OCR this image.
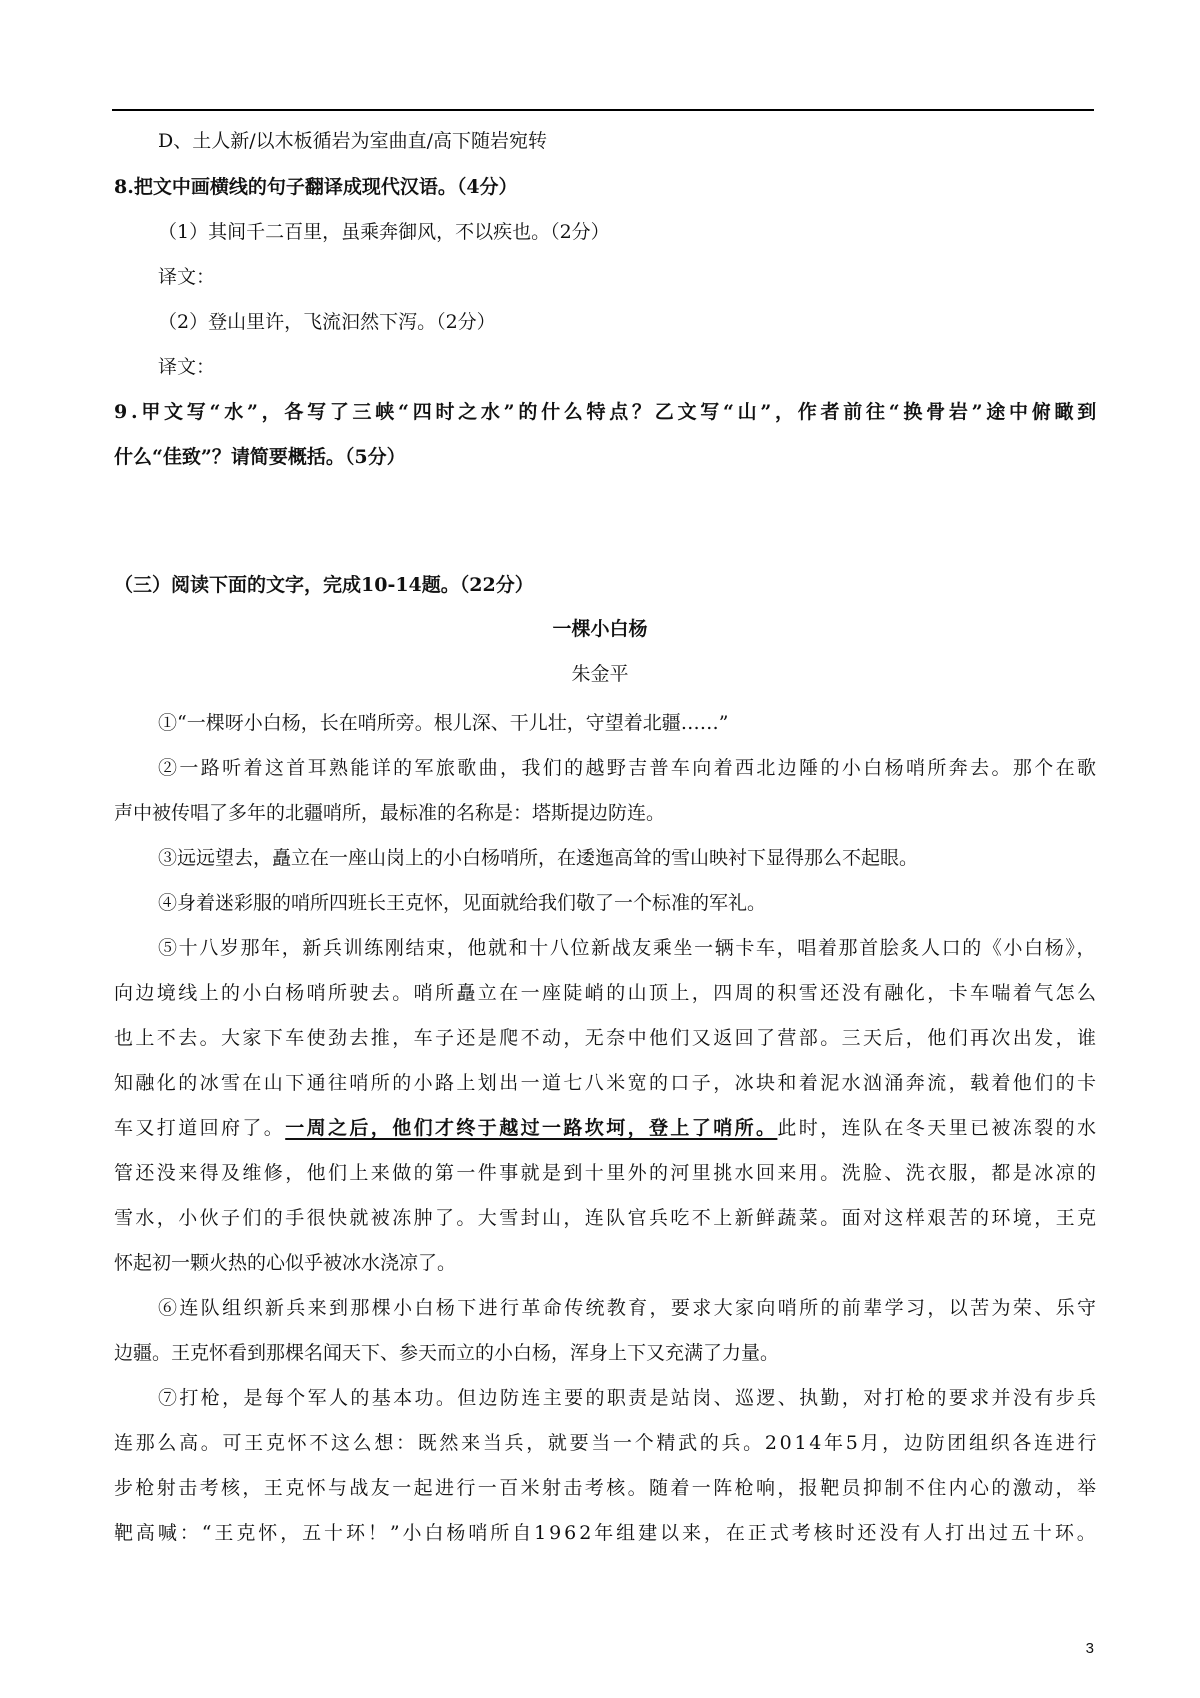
D、土人新/以木板循岩为室曲直/高下随岩宛转
8.把文中画横线的句子翻译成现代汉语。（4分）
（1）其间千二百里，虽乘奔御风，不以疾也。（2分）
译文：
（2）登山里许，飞流汩然下泻。（2分）
译文：
9.甲文写“水”，各写了三峡“四时之水”的什么特点？乙文写“山”，作者前往“换骨岩”途中俯瞰到
什么“佳致”？请简要概括。（5分）
（三）阅读下面的文字，完成10-14题。（22分）
①“一棵呀小白杨，长在哨所旁。根儿深、干儿壮，守望着北疆……”
②一路听着这首耳熟能详的军旅歌曲，我们的越野吉普车向着西北边陲的小白杨哨所奔去。那个在歌
声中被传唱了多年的北疆哨所，最标准的名称是：塔斯提边防连。
③远远望去，矗立在一座山岗上的小白杨哨所，在逶迤高耸的雪山映衬下显得那么不起眼。
④身着迷彩服的哨所四班长王克怀，见面就给我们敬了一个标准的军礼。
⑤十八岁那年，新兵训练刚结束，他就和十八位新战友乘坐一辆卡车，唱着那首脍炙人口的《小白杨》，
向边境线上的小白杨哨所驶去。哨所矗立在一座陡峭的山顶上，四周的积雪还没有融化，卡车喘着气怎么
也上不去。大家下车使劲去推，车子还是爬不动，无奈中他们又返回了营部。三天后，他们再次出发，谁
知融化的冰雪在山下通往哨所的小路上划出一道七八米宽的口子，冰块和着泥水汹涌奔流，载着他们的卡
管还没来得及维修，他们上来做的第一件事就是到十里外的河里挑水回来用。洗脸、洗衣服，都是冰凉的
雪水，小伙子们的手很快就被冻肿了。大雪封山，连队官兵吃不上新鲜蔬菜。面对这样艰苦的环境，王克
怀起初一颗火热的心似乎被冰水浇凉了。
⑥连队组织新兵来到那棵小白杨下进行革命传统教育，要求大家向哨所的前辈学习，以苦为荣、乐守
边疆。王克怀看到那棵名闻天下、参天而立的小白杨，浑身上下又充满了力量。
⑦打枪，是每个军人的基本功。但边防连主要的职责是站岗、巡逻、执勤，对打枪的要求并没有步兵
连那么高。可王克怀不这么想：既然来当兵，就要当一个精武的兵。2014年5月，边防团组织各连进行
步枪射击考核，王克怀与战友一起进行一百米射击考核。随着一阵枪响，报靶员抑制不住内心的激动，举
靶高喊：“王克怀，五十环！”小白杨哨所自1962年组建以来，在正式考核时还没有人打出过五十环。
车又打道回府了。一周之后，他们才终于越过一路坎坷，登上了哨所。此时，连队在冬天里已被冻裂的水
一棵小白杨
朱金平
3
